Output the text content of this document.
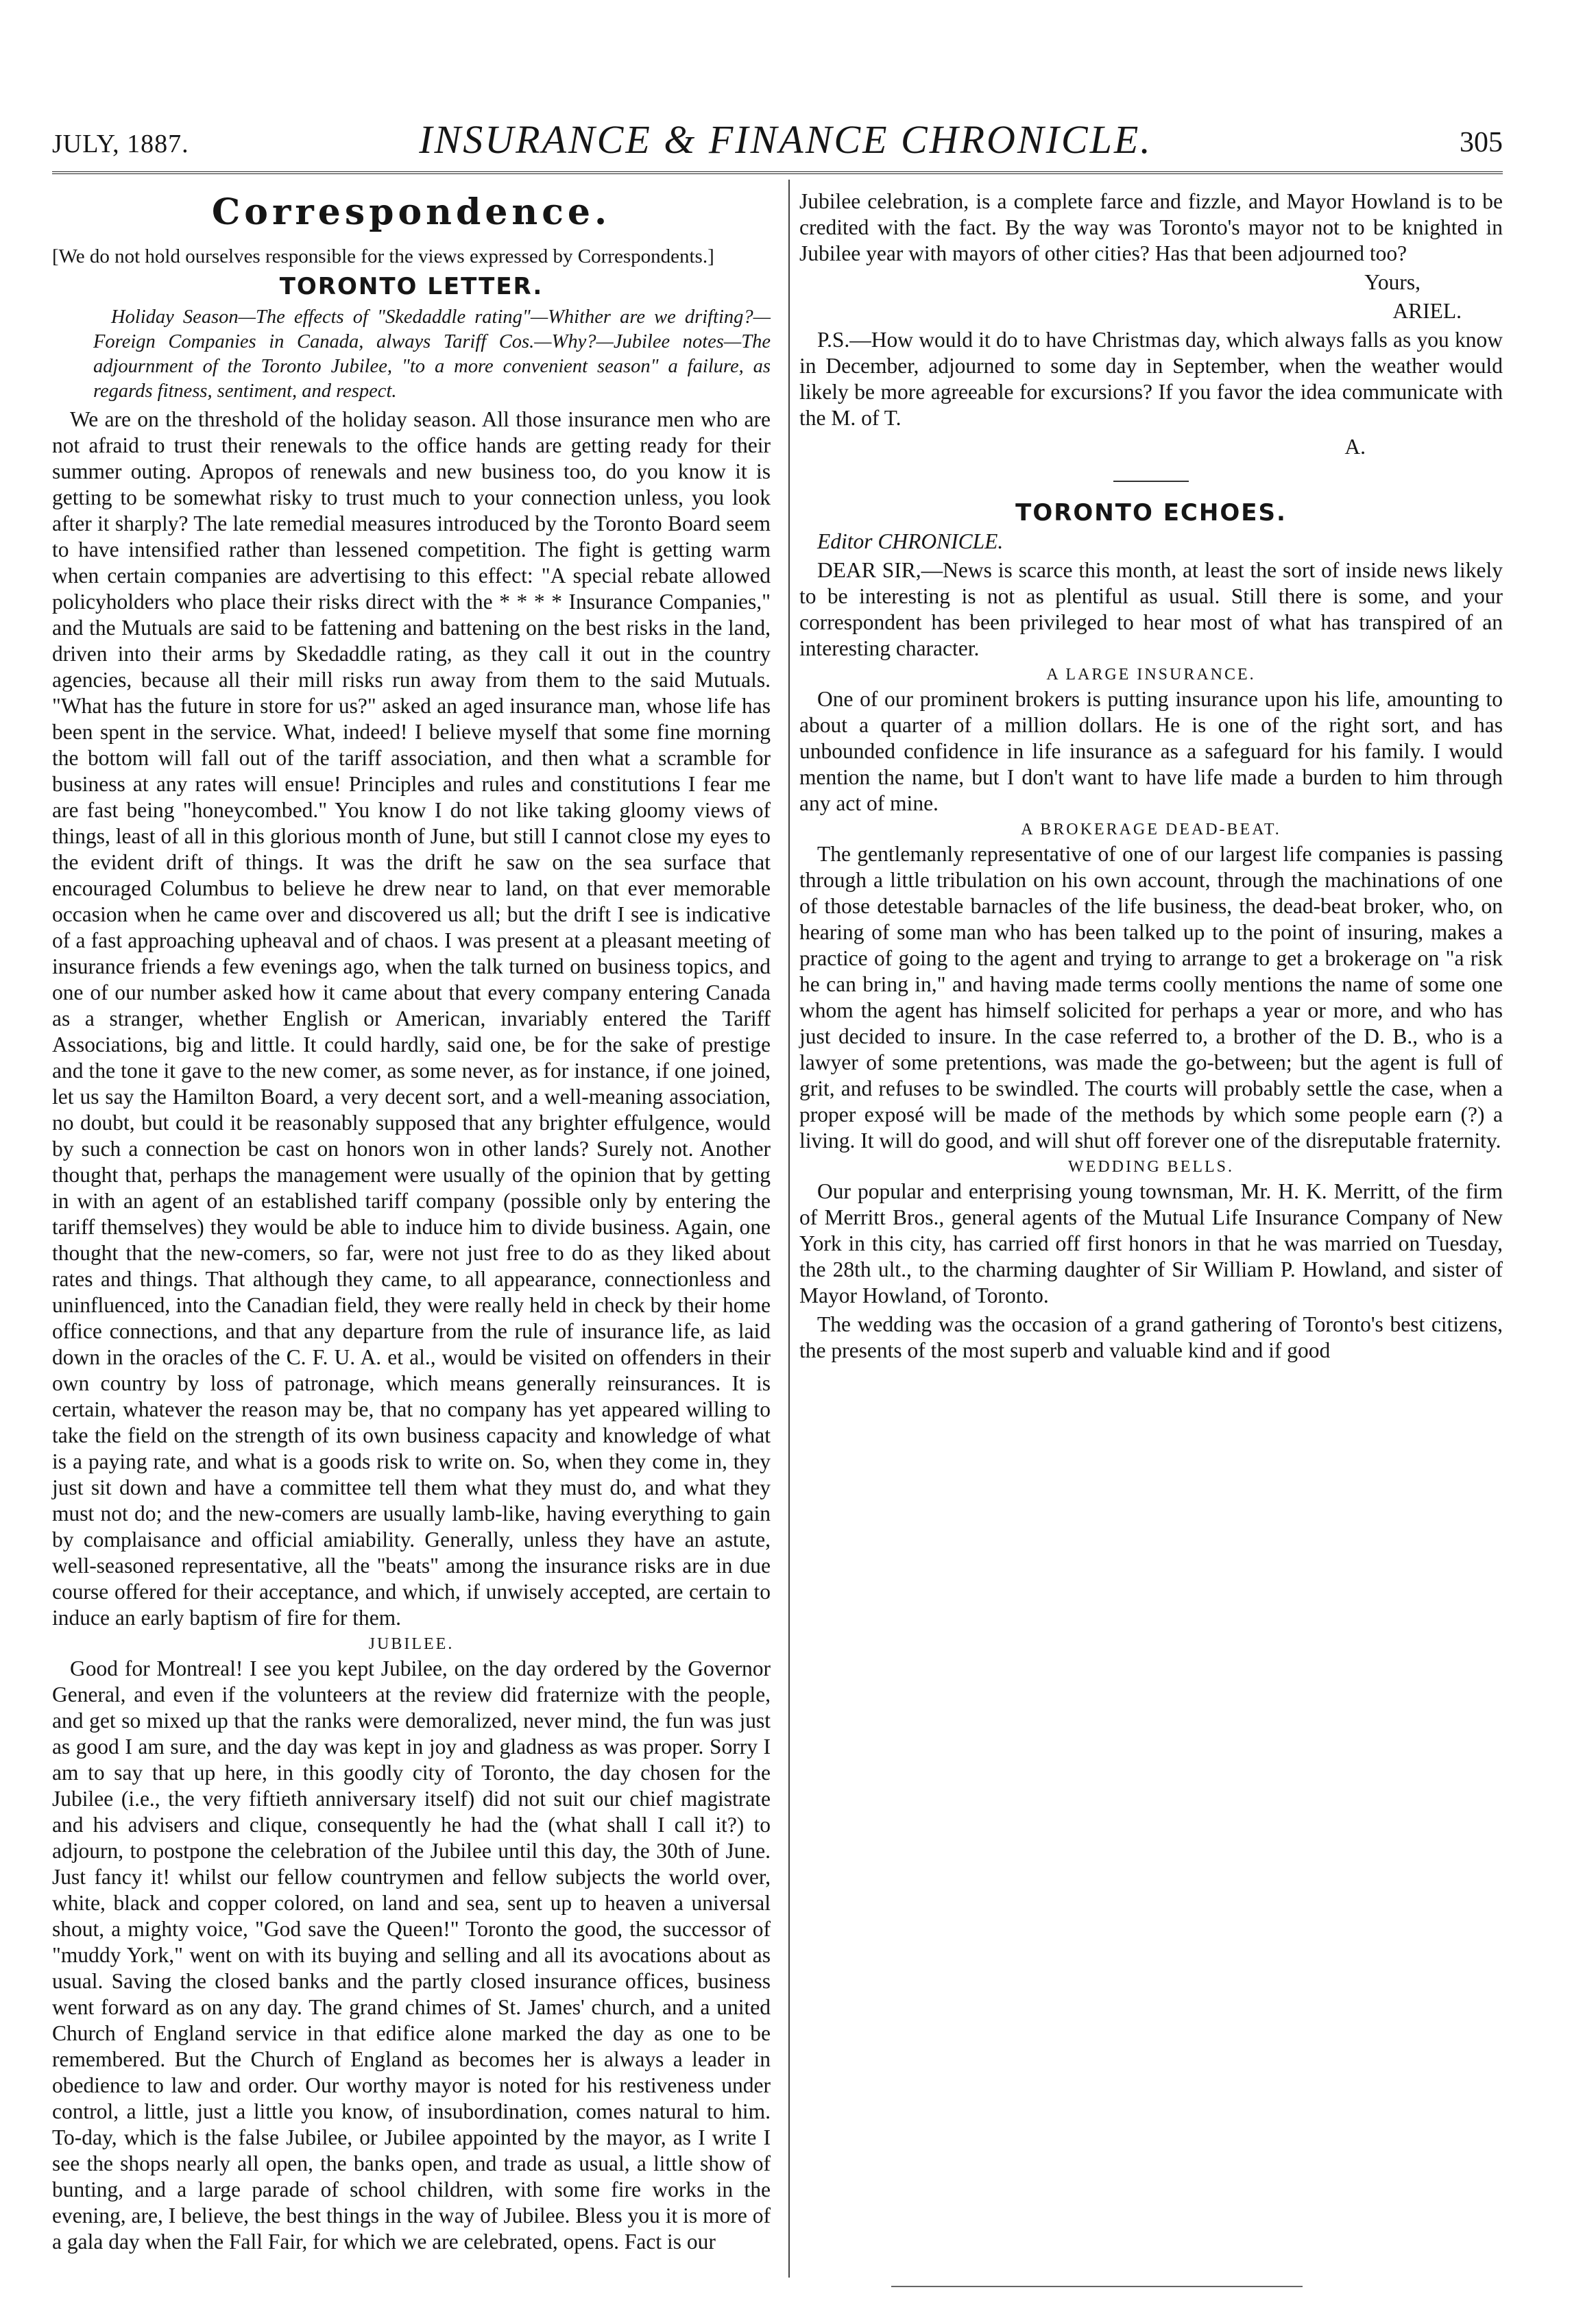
JULY, 1887.	INSURANCE & FINANCE CHRONICLE.	305
Correspondence.

[We do not hold ourselves responsible for the views expressed by Correspondents.]

TORONTO LETTER.

Holiday Season—The effects of "Skedaddle rating"—Whither are we drifting?—Foreign Companies in Canada, always Tariff Cos.—Why?—Jubilee notes—The adjournment of the Toronto Jubilee, "to a more convenient season" a failure, as regards fitness, sentiment, and respect.

We are on the threshold of the holiday season. All those insurance men who are not afraid to trust their renewals to the office hands are getting ready for their summer outing. Apropos of renewals and new business too, do you know it is getting to be somewhat risky to trust much to your connection unless, you look after it sharply? The late remedial measures introduced by the Toronto Board seem to have intensified rather than lessened competition. The fight is getting warm when certain companies are advertising to this effect: "A special rebate allowed policyholders who place their risks direct with the * * * * Insurance Companies," and the Mutuals are said to be fattening and battening on the best risks in the land, driven into their arms by Skedaddle rating, as they call it out in the country agencies, because all their mill risks run away from them to the said Mutuals. "What has the future in store for us?" asked an aged insurance man, whose life has been spent in the service. What, indeed! I believe myself that some fine morning the bottom will fall out of the tariff association, and then what a scramble for business at any rates will ensue! Principles and rules and constitutions I fear me are fast being "honeycombed." You know I do not like taking gloomy views of things, least of all in this glorious month of June, but still I cannot close my eyes to the evident drift of things. It was the drift he saw on the sea surface that encouraged Columbus to believe he drew near to land, on that ever memorable occasion when he came over and discovered us all; but the drift I see is indicative of a fast approaching upheaval and of chaos. I was present at a pleasant meeting of insurance friends a few evenings ago, when the talk turned on business topics, and one of our number asked how it came about that every company entering Canada as a stranger, whether English or American, invariably entered the Tariff Associations, big and little. It could hardly, said one, be for the sake of prestige and the tone it gave to the new comer, as some never, as for instance, if one joined, let us say the Hamilton Board, a very decent sort, and a well-meaning association, no doubt, but could it be reasonably supposed that any brighter effulgence, would by such a connection be cast on honors won in other lands? Surely not. Another thought that, perhaps the management were usually of the opinion that by getting in with an agent of an established tariff company (possible only by entering the tariff themselves) they would be able to induce him to divide business. Again, one thought that the new-comers, so far, were not just free to do as they liked about rates and things. That although they came, to all appearance, connectionless and uninfluenced, into the Canadian field, they were really held in check by their home office connections, and that any departure from the rule of insurance life, as laid down in the oracles of the C. F. U. A. et al., would be visited on offenders in their own country by loss of patronage, which means generally reinsurances. It is certain, whatever the reason may be, that no company has yet appeared willing to take the field on the strength of its own business capacity and knowledge of what is a paying rate, and what is a goods risk to write on. So, when they come in, they just sit down and have a committee tell them what they must do, and what they must not do; and the new-comers are usually lamb-like, having everything to gain by complaisance and official amiability. Generally, unless they have an astute, well-seasoned representative, all the "beats" among the insurance risks are in due course offered for their acceptance, and which, if unwisely accepted, are certain to induce an early baptism of fire for them.

JUBILEE.

Good for Montreal! I see you kept Jubilee, on the day ordered by the Governor General, and even if the volunteers at the review did fraternize with the people, and get so mixed up that the ranks were demoralized, never mind, the fun was just as good I am sure, and the day was kept in joy and gladness as was proper. Sorry I am to say that up here, in this goodly city of Toronto, the day chosen for the Jubilee (i.e., the very fiftieth anniversary itself) did not suit our chief magistrate and his advisers and clique, consequently he had the (what shall I call it?) to adjourn, to postpone the celebration of the Jubilee until this day, the 30th of June. Just fancy it! whilst our fellow countrymen and fellow subjects the world over, white, black and copper colored, on land and sea, sent up to heaven a universal shout, a mighty voice, "God save the Queen!" Toronto the good, the successor of "muddy York," went on with its buying and selling and all its avocations about as usual. Saving the closed banks and the partly closed insurance offices, business went forward as on any day. The grand chimes of St. James' church, and a united Church of England service in that edifice alone marked the day as one to be remembered. But the Church of England as becomes her is always a leader in obedience to law and order. Our worthy mayor is noted for his restiveness under control, a little, just a little you know, of insubordination, comes natural to him. To-day, which is the false Jubilee, or Jubilee appointed by the mayor, as I write I see the shops nearly all open, the banks open, and trade as usual, a little show of bunting, and a large parade of school children, with some fire works in the evening, are, I believe, the best things in the way of Jubilee. Bless you it is more of a gala day when the Fall Fair, for which we are celebrated, opens. Fact is our

Jubilee celebration, is a complete farce and fizzle, and Mayor Howland is to be credited with the fact. By the way was Toronto's mayor not to be knighted in Jubilee year with mayors of other cities? Has that been adjourned too?

Yours,

ARIEL.

P.S.—How would it do to have Christmas day, which always falls as you know in December, adjourned to some day in September, when the weather would likely be more agreeable for excursions? If you favor the idea communicate with the M. of T.

A.

TORONTO ECHOES.

Editor CHRONICLE.

DEAR SIR,—News is scarce this month, at least the sort of inside news likely to be interesting is not as plentiful as usual. Still there is some, and your correspondent has been privileged to hear most of what has transpired of an interesting character.

A LARGE INSURANCE.

One of our prominent brokers is putting insurance upon his life, amounting to about a quarter of a million dollars. He is one of the right sort, and has unbounded confidence in life insurance as a safeguard for his family. I would mention the name, but I don't want to have life made a burden to him through any act of mine.

A BROKERAGE DEAD-BEAT.

The gentlemanly representative of one of our largest life companies is passing through a little tribulation on his own account, through the machinations of one of those detestable barnacles of the life business, the dead-beat broker, who, on hearing of some man who has been talked up to the point of insuring, makes a practice of going to the agent and trying to arrange to get a brokerage on "a risk he can bring in," and having made terms coolly mentions the name of some one whom the agent has himself solicited for perhaps a year or more, and who has just decided to insure. In the case referred to, a brother of the D. B., who is a lawyer of some pretentions, was made the go-between; but the agent is full of grit, and refuses to be swindled. The courts will probably settle the case, when a proper exposé will be made of the methods by which some people earn (?) a living. It will do good, and will shut off forever one of the disreputable fraternity.

WEDDING BELLS.

Our popular and enterprising young townsman, Mr. H. K. Merritt, of the firm of Merritt Bros., general agents of the Mutual Life Insurance Company of New York in this city, has carried off first honors in that he was married on Tuesday, the 28th ult., to the charming daughter of Sir William P. Howland, and sister of Mayor Howland, of Toronto.

The wedding was the occasion of a grand gathering of Toronto's best citizens, the presents of the most superb and valuable kind and if good
